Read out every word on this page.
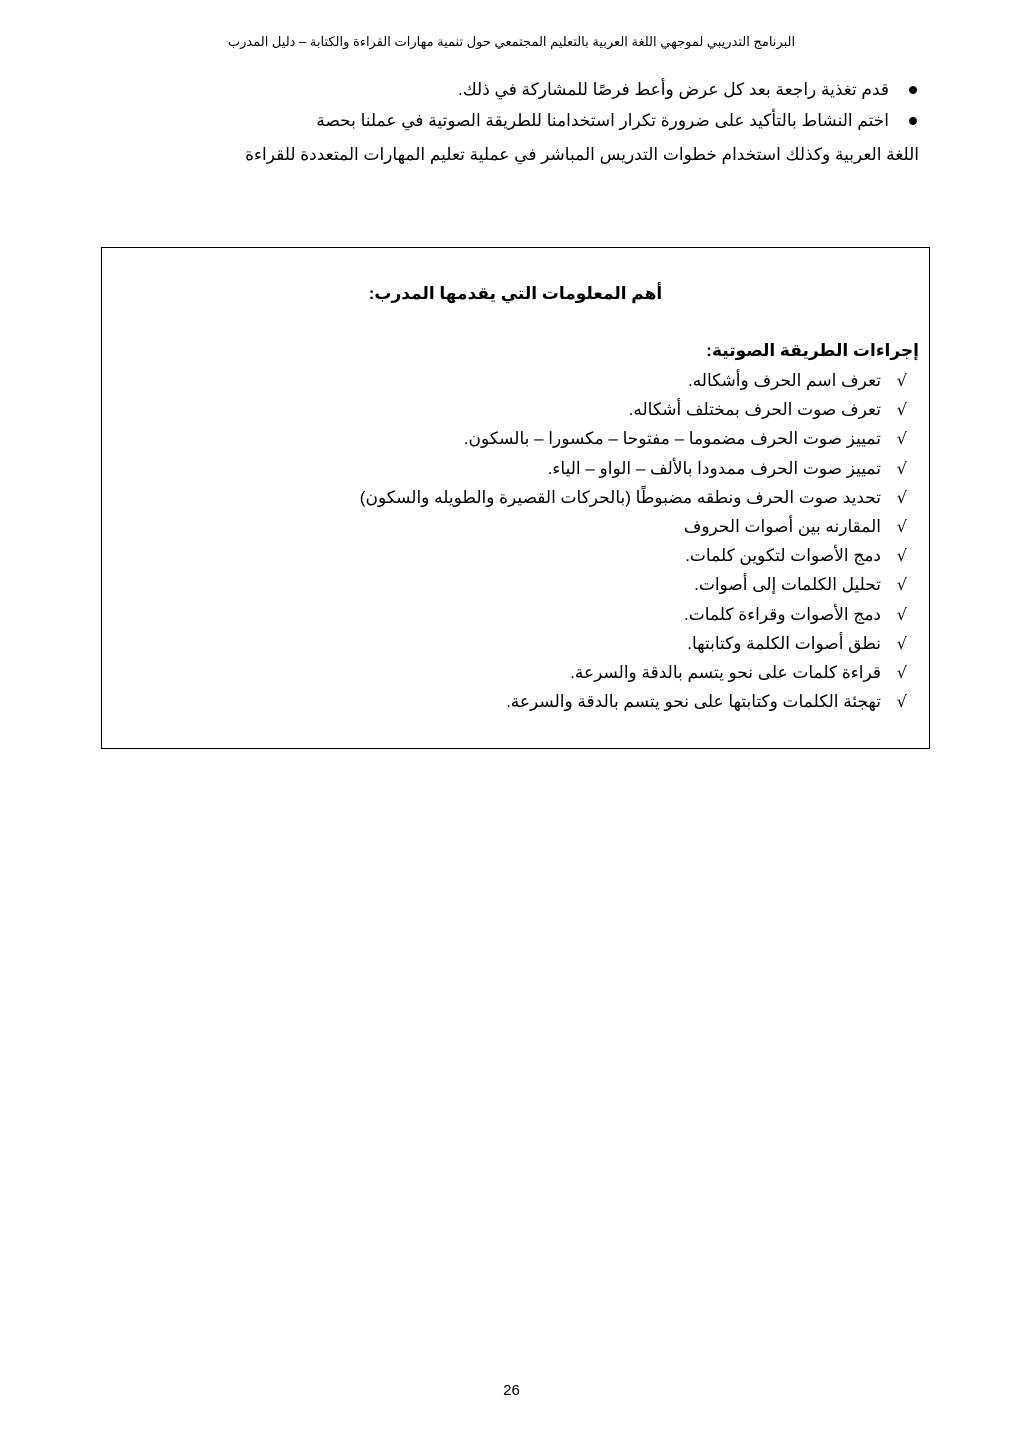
البرنامج التدريبي لموجهي اللغة العربية بالتعليم المجتمعي حول تنمية مهارات القراءة والكتابة – دليل المدرب
قدم تغذية راجعة بعد كل عرض وأعط فرصًا للمشاركة في ذلك.
اختم النشاط بالتأكيد على ضرورة تكرار استخدامنا للطريقة الصوتية في عملنا بحصة
اللغة العربية وكذلك استخدام خطوات التدريس المباشر في عملية تعليم المهارات المتعددة للقراءة
أهم المعلومات التي يقدمها المدرب:
إجراءات الطريقة الصوتية:
√تعرف اسم الحرف وأشكاله.
√تعرف صوت الحرف بمختلف أشكاله.
√تمييز صوت الحرف مضموما – مفتوحا – مكسورا – بالسكون.
√تمييز صوت الحرف ممدودا بالألف – الواو – الياء.
√تحديد صوت الحرف ونطقه مضبوطًا (بالحركات القصيرة والطويله والسكون)
√المقارنه بين أصوات الحروف
√دمج الأصوات لتكوين كلمات.
√تحليل الكلمات إلى أصوات.
√دمج الأصوات وقراءة كلمات.
√نطق أصوات الكلمة وكتابتها.
√قراءة كلمات على نحو يتسم بالدقة والسرعة.
√تهجئة الكلمات وكتابتها على نحو يتسم بالدقة والسرعة.
26
